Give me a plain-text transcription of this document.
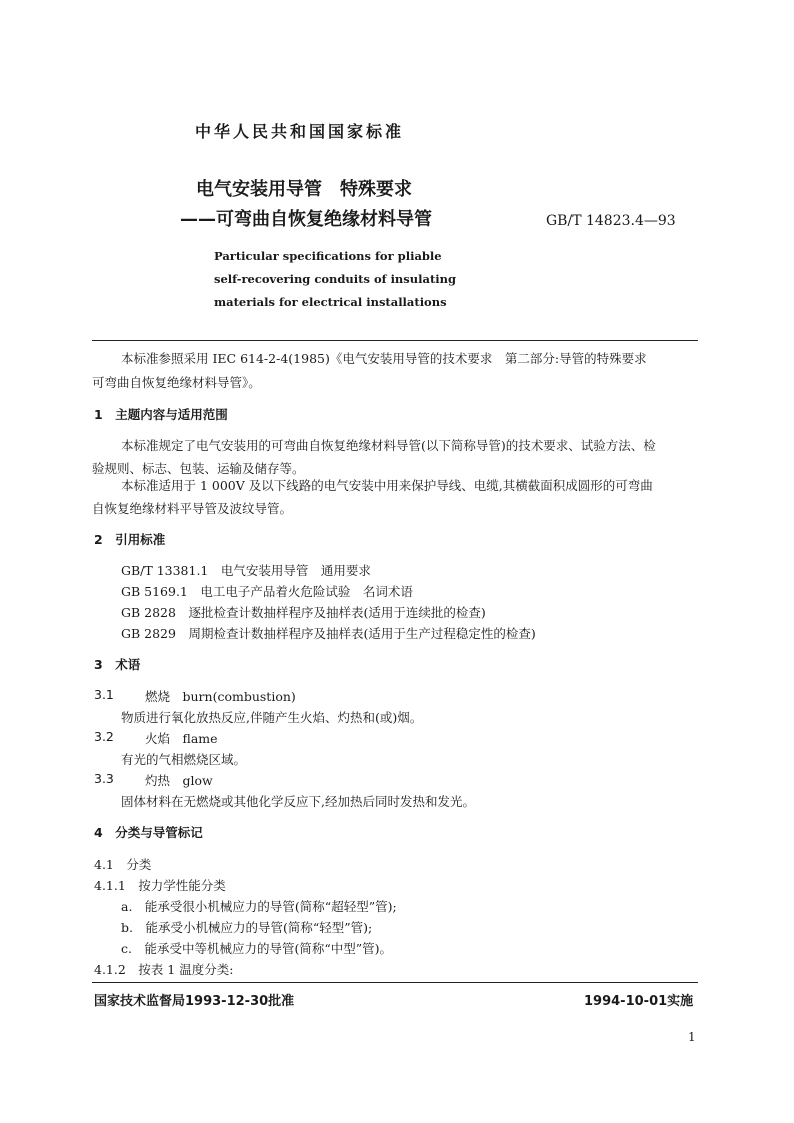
中华人民共和国国家标准
电气安装用导管　特殊要求
——可弯曲自恢复绝缘材料导管	GB/T 14823.4—93
Particular specifications for pliable
self-recovering conduits of insulating
materials for electrical installations
本标准参照采用 IEC 614-2-4(1985)《电气安装用导管的技术要求　第二部分:导管的特殊要求
可弯曲自恢复绝缘材料导管》。
1　主题内容与适用范围
本标准规定了电气安装用的可弯曲自恢复绝缘材料导管(以下简称导管)的技术要求、试验方法、检
验规则、标志、包装、运输及储存等。
本标准适用于 1 000V 及以下线路的电气安装中用来保护导线、电缆,其横截面积成圆形的可弯曲
自恢复绝缘材料平导管及波纹导管。
2　引用标准
GB/T 13381.1　电气安装用导管　通用要求
GB 5169.1　电工电子产品着火危险试验　名词术语
GB 2828　逐批检查计数抽样程序及抽样表(适用于连续批的检查)
GB 2829　周期检查计数抽样程序及抽样表(适用于生产过程稳定性的检查)
3　术语
3.1 燃烧　burn(combustion)
物质进行氧化放热反应,伴随产生火焰、灼热和(或)烟。
3.2 火焰　flame
有光的气相燃烧区域。
3.3 灼热　glow
固体材料在无燃烧或其他化学反应下,经加热后同时发热和发光。
4　分类与导管标记
4.1　分类
4.1.1　按力学性能分类
a.　能承受很小机械应力的导管(简称“超轻型”管);
b.　能承受小机械应力的导管(简称“轻型”管);
c.　能承受中等机械应力的导管(简称“中型”管)。
4.1.2　按表 1 温度分类:
国家技术监督局1993-12-30批准	1994-10-01实施
1
